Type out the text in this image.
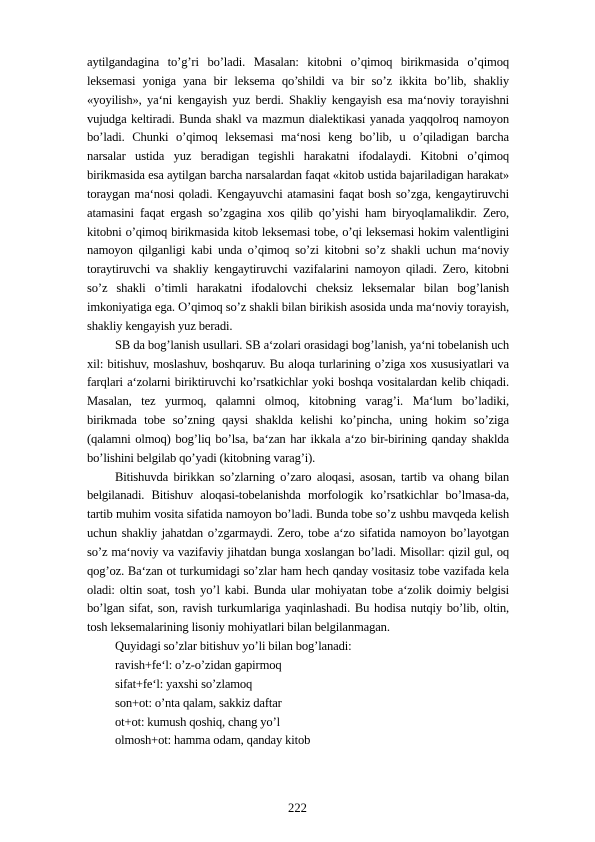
aytilgandagina to’g’ri bo’ladi. Masalan: kitobni o’qimoq birikmasida o’qimoq leksemasi yoniga yana bir leksema qo’shildi va bir so’z ikkita bo’lib, shakliy «yoyilish», ya‘ni kengayish yuz berdi. Shakliy kengayish esa ma‘noviy torayishni vujudga keltiradi. Bunda shakl va mazmun dialektikasi yanada yaqqolroq namoyon bo’ladi. Chunki o’qimoq leksemasi ma‘nosi keng bo’lib, u o’qiladigan barcha narsalar ustida yuz beradigan tegishli harakatni ifodalaydi. Kitobni o’qimoq birikmasida esa aytilgan barcha narsalardan faqat «kitob ustida bajariladigan harakat» toraygan ma‘nosi qoladi. Kengayuvchi atamasini faqat bosh so’zga, kengaytiruvchi atamasini faqat ergash so’zgagina xos qilib qo’yishi ham biryoqlamalikdir. Zero, kitobni o’qimoq birikmasida kitob leksemasi tobe, o’qi leksemasi hokim valentligini namoyon qilganligi kabi unda o’qimoq so’zi kitobni so’z shakli uchun ma‘noviy toraytiruvchi va shakliy kengaytiruvchi vazifalarini namoyon qiladi. Zero, kitobni so’z shakli o’timli harakatni ifodalovchi cheksiz leksemalar bilan bog’lanish imkoniyatiga ega. O’qimoq so’z shakli bilan birikish asosida unda ma‘noviy torayish, shakliy kengayish yuz beradi.

SB da bog’lanish usullari. SB a‘zolari orasidagi bog’lanish, ya‘ni tobelanish uch xil: bitishuv, moslashuv, boshqaruv. Bu aloqa turlarining o’ziga xos xususiyatlari va farqlari a‘zolarni biriktiruvchi ko’rsatkichlar yoki boshqa vositalardan kelib chiqadi. Masalan, tez yurmoq, qalamni olmoq, kitobning varag’i. Ma‘lum bo’ladiki, birikmada tobe so’zning qaysi shaklda kelishi ko’pincha, uning hokim so’ziga (qalamni olmoq) bog’liq bo’lsa, ba‘zan har ikkala a‘zo bir-birining qanday shaklda bo’lishini belgilab qo’yadi (kitobning varag’i).

Bitishuvda birikkan so’zlarning o’zaro aloqasi, asosan, tartib va ohang bilan belgilanadi. Bitishuv aloqasi-tobelanishda morfologik ko’rsatkichlar bo’lmasa-da, tartib muhim vosita sifatida namoyon bo’ladi. Bunda tobe so’z ushbu mavqeda kelish uchun shakliy jahatdan o’zgarmaydi. Zero, tobe a‘zo sifatida namoyon bo’layotgan so’z ma‘noviy va vazifaviy jihatdan bunga xoslangan bo’ladi. Misollar: qizil gul, oq qog’oz. Ba‘zan ot turkumidagi so’zlar ham hech qanday vositasiz tobe vazifada kela oladi: oltin soat, tosh yo’l kabi. Bunda ular mohiyatan tobe a‘zolik doimiy belgisi bo’lgan sifat, son, ravish turkumlariga yaqinlashadi. Bu hodisa nutqiy bo’lib, oltin, tosh leksemalarining lisoniy mohiyatlari bilan belgilanmagan.

Quyidagi so’zlar bitishuv yo’li bilan bog’lanadi:
ravish+fe‘l: o’z-o’zidan gapirmoq
sifat+fe‘l: yaxshi so’zlamoq
son+ot: o’nta qalam, sakkiz daftar
ot+ot: kumush qoshiq, chang yo’l
olmosh+ot: hamma odam, qanday kitob
222
